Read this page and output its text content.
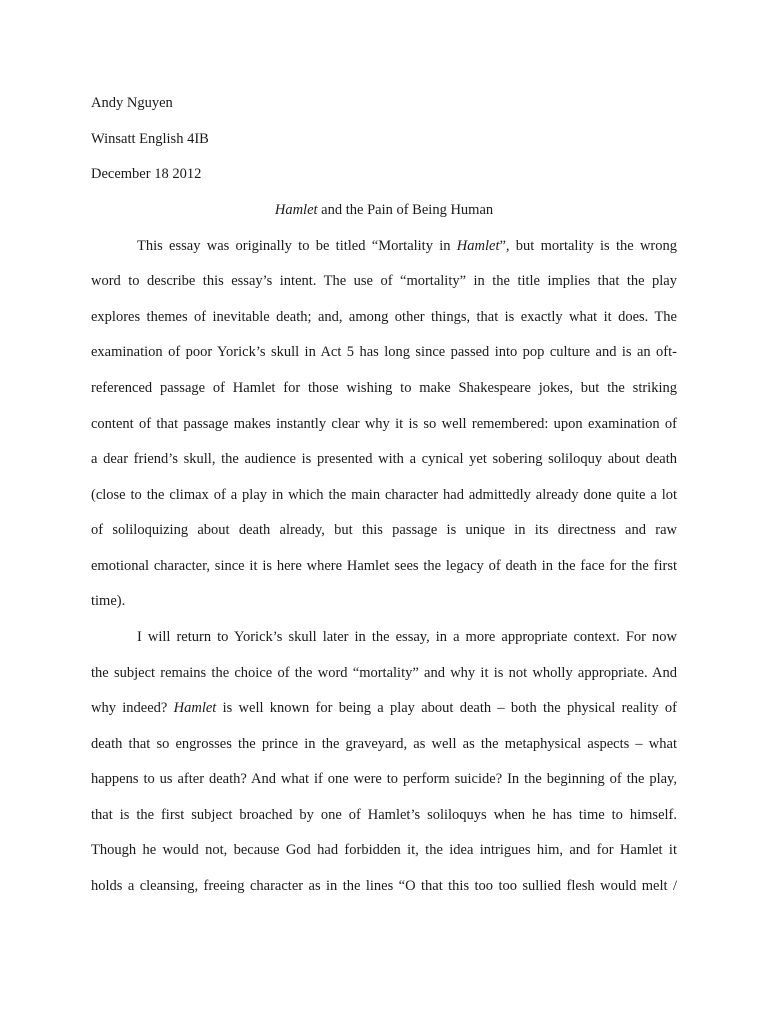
Andy Nguyen
Winsatt English 4IB
December 18 2012
Hamlet and the Pain of Being Human
This essay was originally to be titled “Mortality in Hamlet”, but mortality is the wrong
word to describe this essay’s intent. The use of “mortality” in the title implies that the play
explores themes of inevitable death; and, among other things, that is exactly what it does. The
examination of poor Yorick’s skull in Act 5 has long since passed into pop culture and is an oft-
referenced passage of Hamlet for those wishing to make Shakespeare jokes, but the striking
content of that passage makes instantly clear why it is so well remembered: upon examination of
a dear friend’s skull, the audience is presented with a cynical yet sobering soliloquy about death
(close to the climax of a play in which the main character had admittedly already done quite a lot
of soliloquizing about death already, but this passage is unique in its directness and raw
emotional character, since it is here where Hamlet sees the legacy of death in the face for the first
time).
I will return to Yorick’s skull later in the essay, in a more appropriate context. For now
the subject remains the choice of the word “mortality” and why it is not wholly appropriate. And
why indeed? Hamlet is well known for being a play about death – both the physical reality of
death that so engrosses the prince in the graveyard, as well as the metaphysical aspects – what
happens to us after death? And what if one were to perform suicide? In the beginning of the play,
that is the first subject broached by one of Hamlet’s soliloquys when he has time to himself.
Though he would not, because God had forbidden it, the idea intrigues him, and for Hamlet it
holds a cleansing, freeing character as in the lines “O that this too too sullied flesh would melt /
